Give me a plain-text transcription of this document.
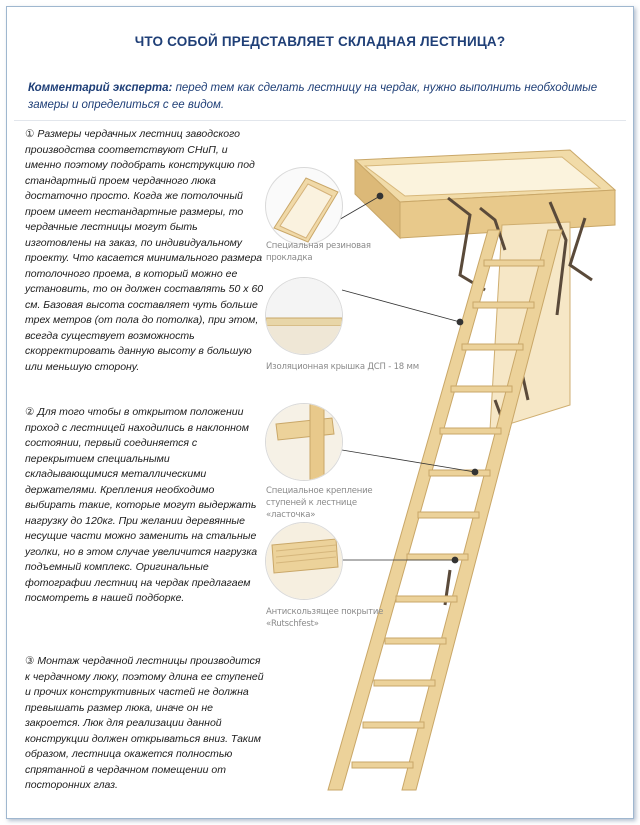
ЧТО СОБОЙ ПРЕДСТАВЛЯЕТ СКЛАДНАЯ ЛЕСТНИЦА?
Комментарий эксперта: перед тем как сделать лестницу на чердак, нужно выполнить необходимые замеры и определиться с ее видом.
① Размеры чердачных лестниц заводского производства соответствуют СНиП, и именно поэтому подобрать конструкцию под стандартный проем чердачного люка достаточно просто. Когда же потолочный проем имеет нестандартные размеры, то чердачные лестницы могут быть изготовлены на заказ, по индивидуальному проекту. Что касается минимального размера потолочного проема, в который можно ее установить, то он должен составлять 50 х 60 см. Базовая высота составляет чуть больше трех метров (от пола до потолка), при этом, всегда существует возможность скорректировать данную высоту в большую или меньшую сторону.
② Для того чтобы в открытом положении проход с лестницей находились в наклонном состоянии, первый соединяется с перекрытием специальными складывающимися металлическими держателями. Крепления необходимо выбирать такие, которые могут выдержать нагрузку до 120кг. При желании деревянные несущие части можно заменить на стальные уголки, но в этом случае увеличится нагрузка подъемный комплекс. Оригинальные фотографии лестниц на чердак предлагаем посмотреть в нашей подборке.
③ Монтаж чердачной лестницы производится к чердачному люку, поэтому длина ее ступеней и прочих конструктивных частей не должна превышать размер люка, иначе он не закроется. Люк для реализации данной конструкции должен открываться вниз. Таким образом, лестница окажется полностью спрятанной в чердачном помещении от посторонних глаз.
Специальная резиновая прокладка
Изоляционная крышка ДСП - 18 мм
Специальное крепление ступеней к лестнице «ласточка»
Антискользящее покрытие «Rutschfest»
